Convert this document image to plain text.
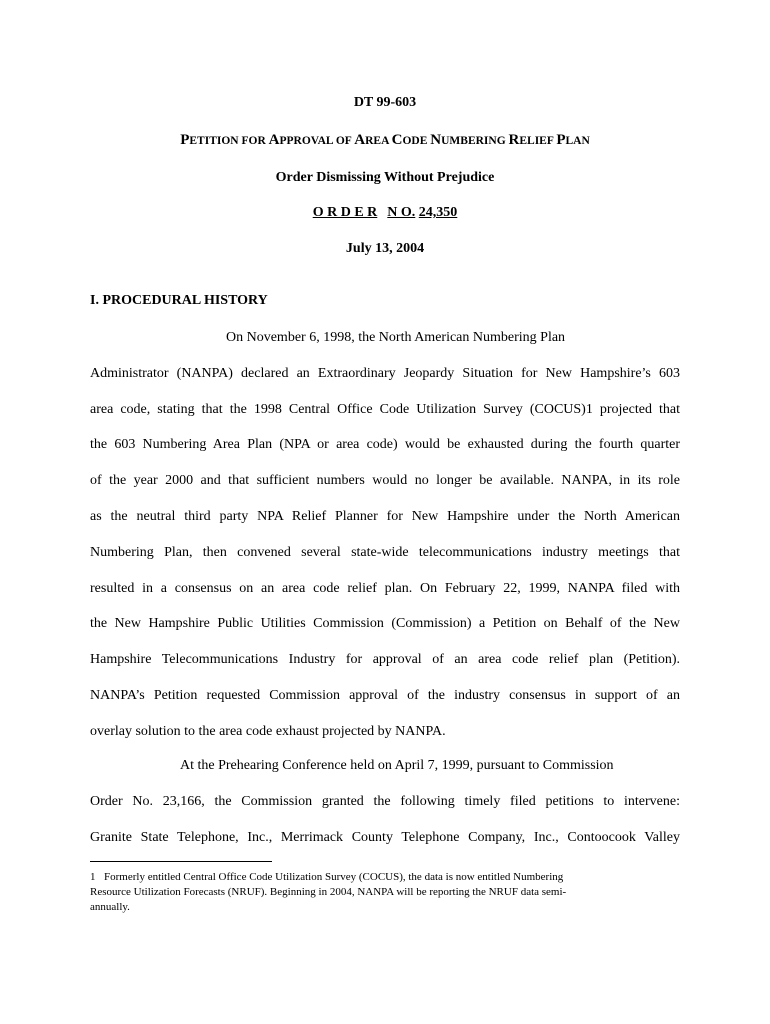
DT 99-603
PETITION FOR APPROVAL OF AREA CODE NUMBERING RELIEF PLAN
Order Dismissing Without Prejudice
O R D E R N O. 24,350
July 13, 2004
I. PROCEDURAL HISTORY
On November 6, 1998, the North American Numbering Plan
Administrator (NANPA) declared an Extraordinary Jeopardy Situation for New Hampshire’s 603
area code, stating that the 1998 Central Office Code Utilization Survey (COCUS)1 projected that
the 603 Numbering Area Plan (NPA or area code) would be exhausted during the fourth quarter
of the year 2000 and that sufficient numbers would no longer be available. NANPA, in its role
as the neutral third party NPA Relief Planner for New Hampshire under the North American
Numbering Plan, then convened several state-wide telecommunications industry meetings that
resulted in a consensus on an area code relief plan. On February 22, 1999, NANPA filed with
the New Hampshire Public Utilities Commission (Commission) a Petition on Behalf of the New
Hampshire Telecommunications Industry for approval of an area code relief plan (Petition).
NANPA’s Petition requested Commission approval of the industry consensus in support of an
overlay solution to the area code exhaust projected by NANPA.
At the Prehearing Conference held on April 7, 1999, pursuant to Commission
Order No. 23,166, the Commission granted the following timely filed petitions to intervene:
Granite State Telephone, Inc., Merrimack County Telephone Company, Inc., Contoocook Valley
1 Formerly entitled Central Office Code Utilization Survey (COCUS), the data is now entitled Numbering
Resource Utilization Forecasts (NRUF). Beginning in 2004, NANPA will be reporting the NRUF data semi-
annually.
